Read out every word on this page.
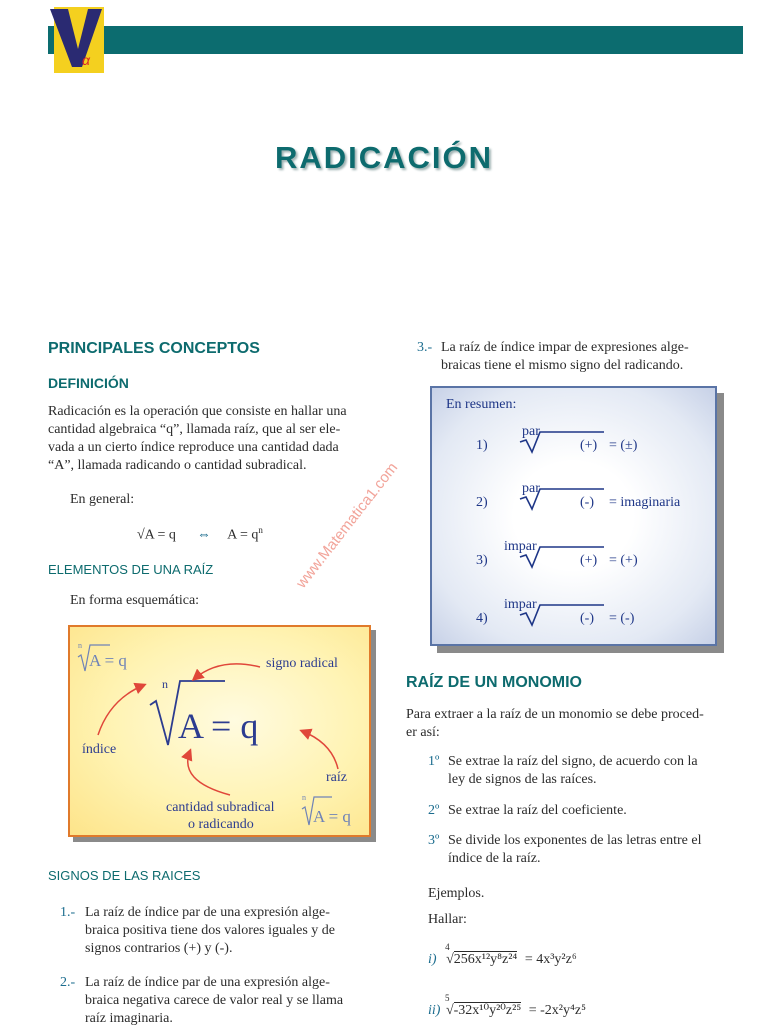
α
RADICACIÓN
www.Matematica1.com
PRINCIPALES CONCEPTOS
DEFINICIÓN
Radicación es la operación que consiste en hallar una
cantidad algebraica “q”, llamada raíz, que al ser ele-
vada a un cierto índice reproduce una cantidad dada
“A”, llamada radicando o cantidad subradical.
En general:
√A = q ⇔ $A = q^n$
ELEMENTOS DE UNA RAÍZ
En forma esquemática:
n
A = q
n
A = q
signo radical
índice
raíz
cantidad subradical
o radicando
n
A = q
SIGNOS DE LAS RAICES
1.- La raíz de índice par de una expresión alge-
braica positiva tiene dos valores iguales y de
signos contrarios (+) y (-).
2.- La raíz de índice par de una expresión alge-
braica negativa carece de valor real y se llama
raíz imaginaria.
3.- La raíz de índice impar de expresiones alge-
braicas tiene el mismo signo del radicando.
En resumen:
1)
par
(+) = (±)
2)
par
(-) = imaginaria
3)
impar
(+) = (+)
4)
impar
(-) = (-)
RAÍZ DE UN MONOMIO
Para extraer a la raíz de un monomio se debe proced-
er así:
1º Se extrae la raíz del signo, de acuerdo con la
ley de signos de las raíces.
2º Se extrae la raíz del coeficiente.
3º Se divide los exponentes de las letras entre el
índice de la raíz.
Ejemplos.
Hallar:
i)
4
√256x¹²y⁸z²⁴ = 4x³y²z⁶
ii)
5
√-32x¹⁰y²⁰z²⁵ = -2x²y⁴z⁵
